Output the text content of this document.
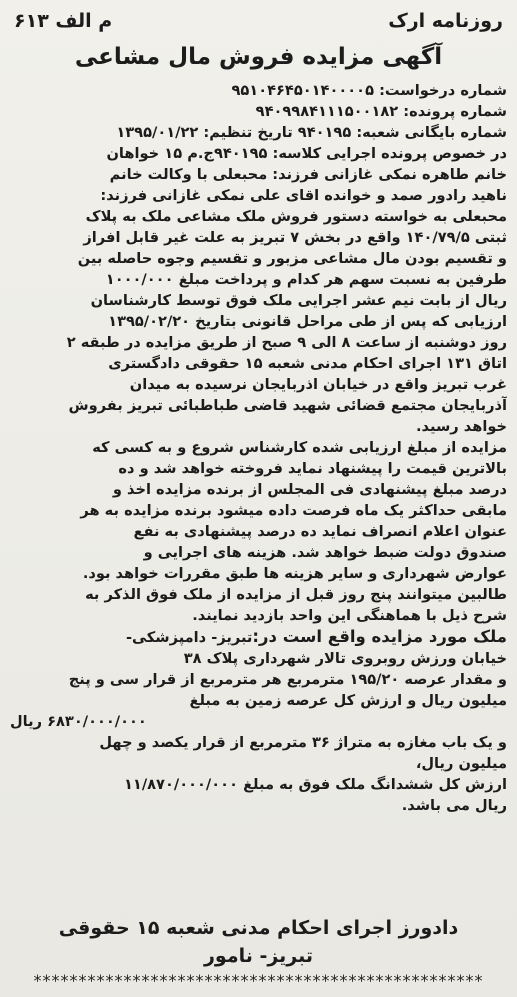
روزنامه ارک
م الف ۶۱۳
آگهی مزایده فروش مال مشاعی
شماره درخواست: ۹۵۱۰۴۶۴۵۰۱۴۰۰۰۰۵
شماره پرونده: ۹۴۰۹۹۸۴۱۱۱۵۰۰۱۸۲
شماره بایگانی شعبه: ۹۴۰۱۹۵ تاریخ تنظیم: ۱۳۹۵/۰۱/۲۲

در خصوص پرونده اجرایی کلاسه: ۹۴۰۱۹۵ج.م ۱۵ خواهان
خانم طاهره نمکی غازانی فرزند: محبعلی با وکالت خانم
ناهید رادور صمد و خوانده اقای علی نمکی غازانی فرزند:
محبعلی به خواسته دستور فروش ملک مشاعی ملک به پلاک
ثبتی ۱۴۰/۷۹/۵ واقع در بخش ۷ تبریز به علت غیر قابل افراز
و تقسیم بودن مال مشاعی مزبور و تقسیم وجوه حاصله بین
طرفین به نسبت سهم هر کدام و پرداخت مبلغ ۱۰۰۰/۰۰۰
ریال از بابت نیم عشر اجرایی ملک فوق توسط کارشناسان
ارزیابی که پس از طی مراحل قانونی بتاریخ ۱۳۹۵/۰۲/۲۰
روز دوشنبه از ساعت ۸ الی ۹ صبح از طریق مزایده در طبقه ۲
اتاق ۱۳۱ اجرای احکام مدنی شعبه ۱۵ حقوقی دادگستری
غرب تبریز واقع در خیابان اذربایجان نرسیده به میدان
آذربایجان مجتمع قضائی شهید قاضی طباطبائی تبریز بفروش
خواهد رسید.

مزایده از مبلغ ارزیابی شده کارشناس شروع و به کسی که
بالاترین قیمت را پیشنهاد نماید فروخته خواهد شد و ده
درصد مبلغ پیشنهادی فی المجلس از برنده مزایده اخذ و
مابقی حداکثر یک ماه فرصت داده میشود برنده مزایده به هر
عنوان اعلام انصراف نماید ده درصد پیشنهادی به نفع
صندوق دولت ضبط خواهد شد. هزینه های اجرایی و
عوارض شهرداری و سایر هزینه ها طبق مقررات خواهد بود.
طالبین میتوانند پنج روز قبل از مزایده از ملک فوق الذکر به
شرح ذیل با هماهنگی این واحد بازدید نمایند.

ملک مورد مزایده واقع است در:تبریز- دامپزشکی-
خیابان ورزش روبروی تالار شهرداری پلاک ۳۸
و مقدار عرصه ۱۹۵/۲۰ مترمربع هر مترمربع از قرار سی و پنج
میلیون ریال و ارزش کل عرصه زمین به مبلغ
۶۸۳۰/۰۰۰/۰۰۰ ریال
و یک باب مغازه به متراژ ۳۶ مترمربع از قرار یکصد و چهل
میلیون ریال،
ارزش کل ششدانگ ملک فوق به مبلغ ۱۱/۸۷۰/۰۰۰/۰۰۰
ریال می باشد.

دادورز اجرای احکام مدنی شعبه ۱۵ حقوقی
تبریز- نامور
**************************************************
